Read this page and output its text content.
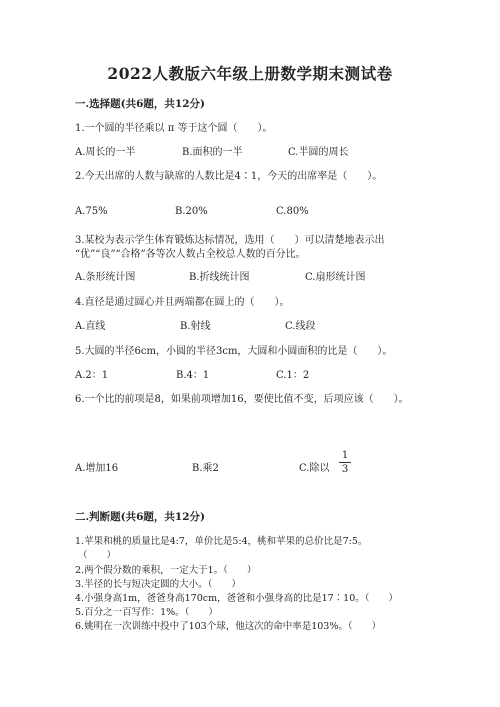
2022人教版六年级上册数学期末测试卷
一.选择题(共6题，共12分)
1.一个圆的半径乘以 π 等于这个圆（　　）。
A.周长的一半	B.面积的一半	C.半圆的周长
2.今天出席的人数与缺席的人数比是4∶1，今天的出席率是（　　）。
A.75%	B.20%	C.80%
3.某校为表示学生体育锻炼达标情况，选用（　　）可以清楚地表示出
“优”“良”“合格”各等次人数占全校总人数的百分比。
A.条形统计图	B.折线统计图	C.扇形统计图
4.直径是通过圆心并且两端都在圆上的（　　）。
A.直线	B.射线	C.线段
5.大圆的半径6cm，小圆的半径3cm，大圆和小圆面积的比是（　　）。
A.2：1	B.4：1	C.1：2
6.一个比的前项是8，如果前项增加16，要使比值不变，后项应该（　　）。
A.增加16	B.乘2	C.除以
1
3
二.判断题(共6题，共12分)
1.苹果和桃的质量比是4:7，单价比是5:4，桃和苹果的总价比是7:5。
（　　）
2.两个假分数的乘积，一定大于1。（　　）
3.半径的长与短决定圆的大小。（　　）
4.小强身高1m，爸爸身高170cm，爸爸和小强身高的比是17∶10。（　　）
5.百分之一百写作：1%。（　　）
6.姚明在一次训练中投中了103个球，他这次的命中率是103%。（　　）
